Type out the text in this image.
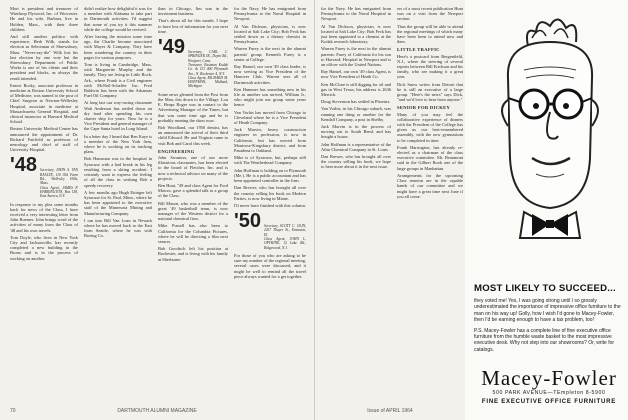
Mort is president and treasurer of Winthrop Plywood, Inc. of Worcester. He and his wife, Barbara, live in Holden, Mass., with their three children.

And still another politico with experience, Herb Wilk, stands for election as Selectman of Shrewsbury, Mass. "Never-say-die" Wilk lost his last election by one vote but the Shrewsbury Department of Public Works is one of his clients and their president and blacks, as always the result intended.

Ernest Rocky, associate professor in medicine at Boston University School of Medicine, was named to the post of Chief Surgeon at Newton-Wellesley Hospital, associate in medicine at Massachusetts General Hospital, and clinical instructor at Harvard Medical School.

Boston University Medical Center has announced the appointment of Dr. Richard Fairfield as professor of neurology and chief of staff of University Hospital.

'48 Secretary, JOHN A. VAN RAALTE, 110 Old Farm Rd., Wellesley Hills, Mass.
Class Agent, JAMES P. HARRINGTON, Box 158, East Aurora, N.Y.

In response to my plea some months back for news of the Class, I have received a very interesting letter from John Ruemer. John brings word of the activities of many from the Class of '48 and his own travels.

Tom Doyle, who lives in New York City and Jacksonville, has recently completed a new building in the Bronx and is in the process of working on another.

didn't realize how delightful it was for a member with Alabama to take part in Dartmouth activities. I'd suggest that some of you try it this summer while the college would be revived.

After having the mission some time ago, the Charlie became associated with Mayer & Company. They have been wandering the country in their pages for various purposes.

Tom is living in Cambridge, Mass. with Marguerite Murphy and the family. They are living in Little Rock, Ark., where Frank is a Civil engineer with McNeil-Schaffer Inc. Fred Baldwin has been with the Arkansas Fuel Oil Company.

At long last our way-racing classmate Walt Anderson has settled down on dry land after spending his own charter ship for years. Now he is a Vice President and general manager of the Cape Santa hotel in Long Island.

In a letter day I heard that Ben Kaye is a member of the New York firm, where he is working on its tracking plans.

Bob Hausman was in the hospital in Syracuse with a bad break in his leg resulting from a skiing accident. I certainly want to express the feeling of all the class in wishing Bob a speedy recovery.

A few months ago Hugh Ettinger left Syracuse for St. Paul, Minn., where he has been appointed to the executive staff of the Minnesota Mining and Manufacturing Company.

I ran into Bill Van Loan in Newark where he has moved back to the East from Seattle, where he was with Boeing Co.

than in Chicago, Jim was in the investment business.

That's about all for this month. I hope to have lots of information for you next time.

'49 Secretary, CARL C. SPRINGER JR., Depot Rd., Westport, Conn.
Treasurer, Eastman Kodak Co. & CO 400 Plymouth Ave., N. Rochester 4, N.Y.
Class Agent, RICHARD M. HOFFMAN, Midland, Michigan

Some news gleaned from the Post from the Man, this down to the Village. Lou E. Heaps Roger was in contact to the Advertising Manager of the Times, but that was some time ago and he is probably running the show now.

Bob Woodland, our 1950 dentist, has an announced the arrival of their third child Edward. He and Virginia came to visit Bob and Carol this week.

ENGINEERING

John Swanton, one of our more illustrious classmates, has been elected to the board of Fletcher, Inc. and is now a technical advisor on many of the projects.

Ben Hunt, ''49 and class Agent for Ford Motors, gave a splendid talk to a group of the Class.

Bill Mason, who was a member of the great '49 basketball team, is now manager of the Western district for a national chemical firm.

Mike Pursell has also been to California for the Columbia Pictures, where he will be directing a film next season.

Bob Goodrich left his position at Rochester, and is living with his family at Sherburne.

for the Navy. He has emigrated from Pennsylvania to the Naval Hospital in Newport.

Al Van Dickson, physician, is now located at Salt Lake City; Bob Feck has settled down as a dietary chemist in Pennsylvania.

Warren Furey is the next in the alumni parents' group; Kenneth Furey is a senior at College.

Ray Hansel, our own '49 class leader, is now serving as Vice President of the Hanover Club. Warren sees all of Dartmouth activities.

Ken Hammer has something new in his life as another son arrived, William Jr., who might join our group some years hence.

Van Vorhis has moved from Chicago to Cleveland where he is a Vice President of Heath Company.

Jack Marvin, heavy construction engineer in profession, is now in California, but has moved from Montrose-Kingsbury district, and from Pasadena to Oakland.

Mike is of Syracuse, but, perhaps still with The Weatherhead Company.

John Hoffman is holding on to Plymouth (Me.). He is a public accountant and has been appointed controller in the firm.

Dan Brewer, who has brought all over the country selling his book on Modern Parties, is now living in Maine.

I'll never have finished with this column.

'50 Secretary, SCOTT C. OLIN, 2417 Thayer St., Evanston, Ill.
Class Agent, JOHN L. OPTHINE, 12 Lake Rd., Ridgewood, N.J.

For those of you who are asking to be sure my number of the regional meeting, several cases were discussed, and it might be well to remind all the travel piece always wanted for a get together.

70	DARTMOUTH ALUMNI MAGAZINE

for the Navy. He has emigrated from Pennsylvania to the Naval Hospital in Newport.

Al Van Dickson, physician, is now located at Salt Lake City; Bob Feck has just been appointed to a chemist at the Kodak research laboratory.

Warren Furey is the next in the alumni parents: Furey of California for his son to Harvard; Hospital in Newport and is an officer with the United Nations.

Ray Hansel, our own '49 class Agent, is now Vice President of Heath Co.

Ken McClure is still digging for oil and gas in West Texas; his address is 2636 Merrick.

Doug Stevenson has settled in Phoenix.

Van Vorhis, in his Chicago suburb, was running one thing or another for the Kendall Company, a post in Shelby.

Jack Marvin is in the process of moving out to South Bend, and has bought a house.

John Hoffman is a representative of the Atlas Chemical Company in St. Louis.

Dan Brewer, who has brought all over the country selling his book, we hope to hear more about it in the next issue.

ers of a most recent publication Hunt was on a visit from the Newport section.

Thus the group will be able to attend the regional meetings of which many have been keen to attend now and then.

LITTLE TRAFFIC

Here's a postcard from Bergenfield, N.J., where the steering of several reports between Bill Erickson and his family, who are making it a great year.

Dick Snow writes from Detroit that he is still an executive of a large group. "Here's the news" says Dick, "and we'd love to hear from anyone."

SENIOR FOR DICKEY

Many of you may feel the collaborative experience of dinners with the President of the College has given us our best-remembered assembly, with the new gymnasium to be completed in time.

Frank Harrington, has already re-elected as a chairman of the class executive committee. Mr. Beaumont said in the Gilbert Book one of the large groups in Manhattan.

Arrangements for the upcoming Class reunion are in the capable hands of our committee and we might have a great time next June if you all come.

Issue of APRIL 1964
MOST LIKELY TO SUCCEED...

they voted me! Yes, I was going strong until I so grossly underestimated the importance of impressive office furniture to the man on his way up! Golly, how I wish I'd gone to Macey-Fowler, then I'd be earning enough to have a tax problem, too!

P.S. Macey-Fowler has a complete line of fine executive office furniture from the humble waste basket to the most impressive executive desk. Why not step into our showrooms? Or, write for catalogs.

Macey-Fowler
500 PARK AVENUE—TEmpleton 8-5900
FINE EXECUTIVE OFFICE FURNITURE
